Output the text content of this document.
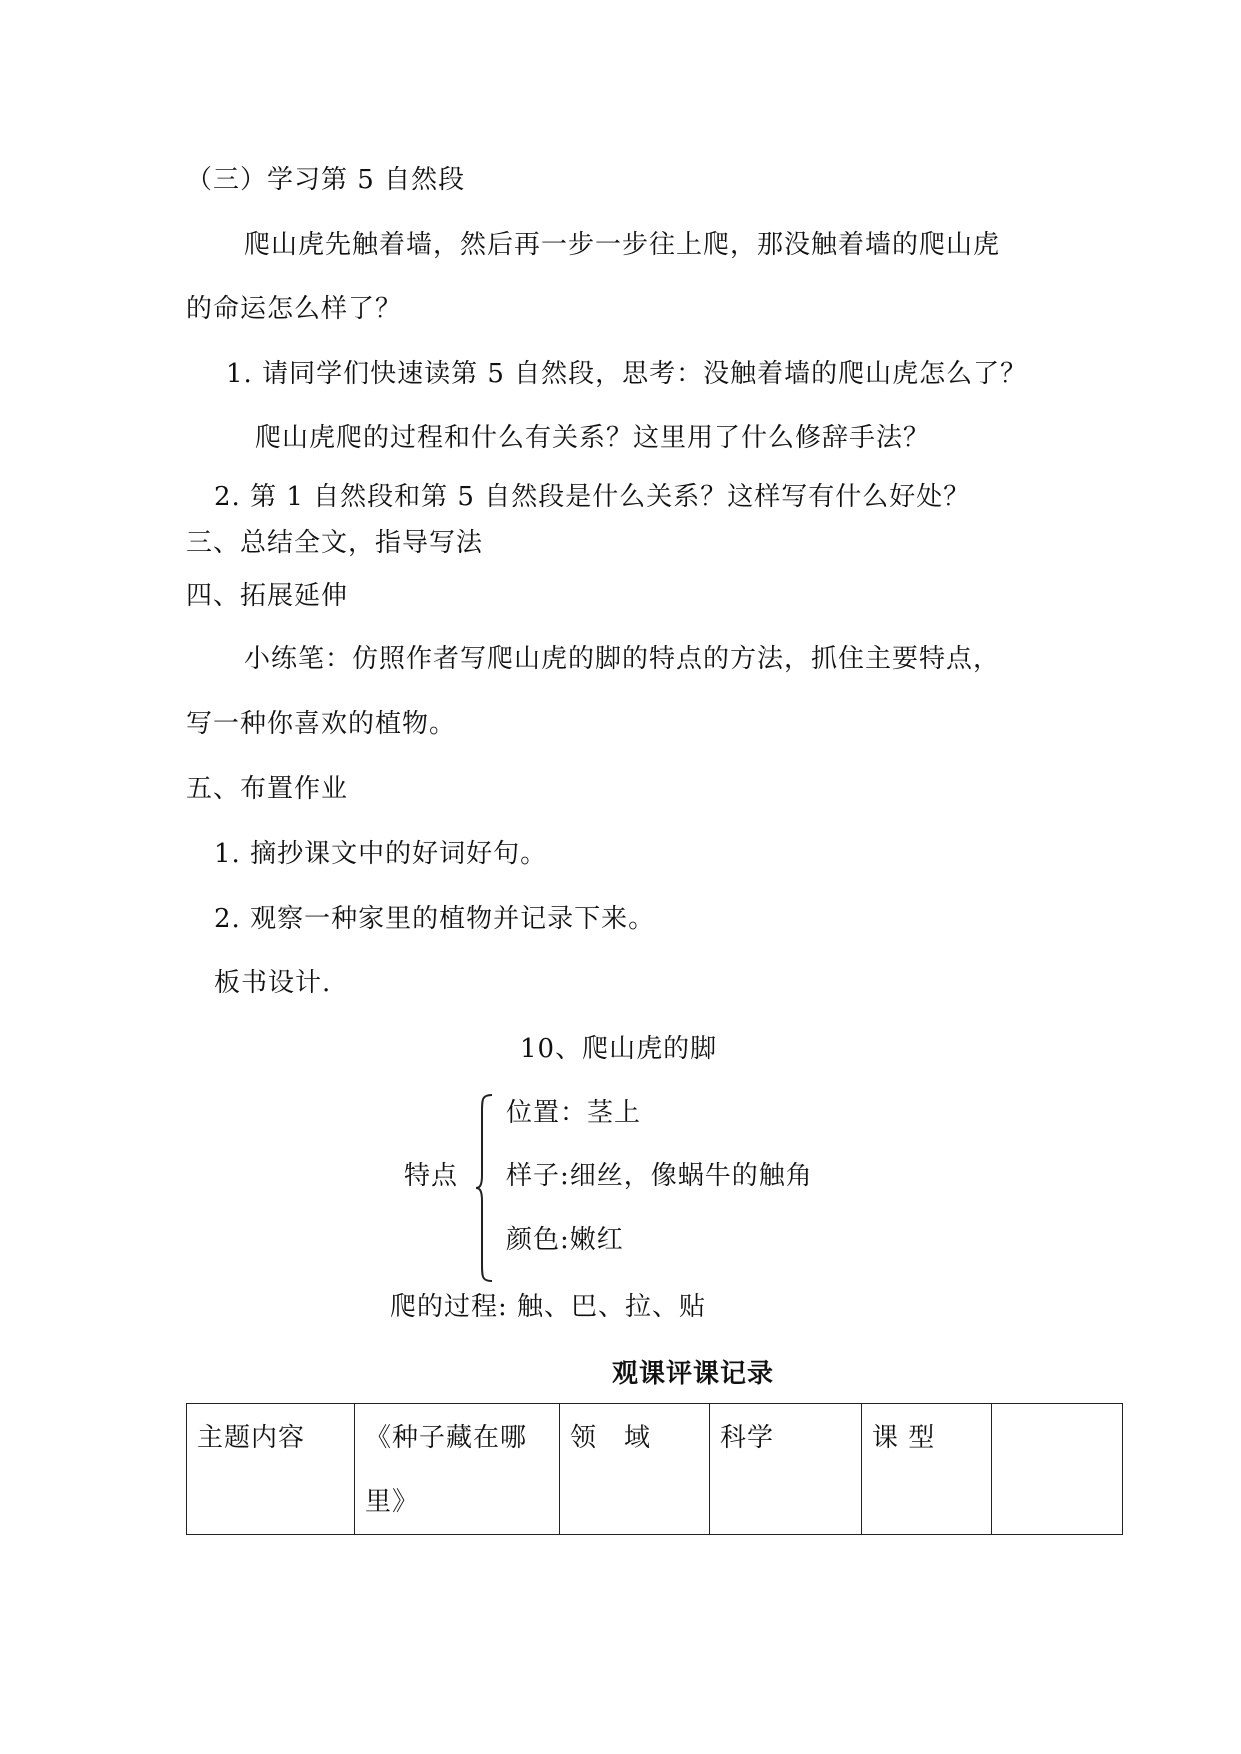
（三）学习第 5 自然段
爬山虎先触着墙，然后再一步一步往上爬，那没触着墙的爬山虎
的命运怎么样了？
1. 请同学们快速读第 5 自然段，思考：没触着墙的爬山虎怎么了？
爬山虎爬的过程和什么有关系？这里用了什么修辞手法？
2. 第 1 自然段和第 5 自然段是什么关系？这样写有什么好处？
三、总结全文，指导写法
四、拓展延伸
小练笔：仿照作者写爬山虎的脚的特点的方法，抓住主要特点，
写一种你喜欢的植物。
五、布置作业
1. 摘抄课文中的好词好句。
2. 观察一种家里的植物并记录下来。
板书设计.
10、爬山虎的脚
位置：茎上
特点 样子:细丝，像蜗牛的触角
颜色:嫩红
爬的过程: 触、巴、拉、贴
观课评课记录
主题内容	《种子藏在哪里》	领　域	科学	课 型	
